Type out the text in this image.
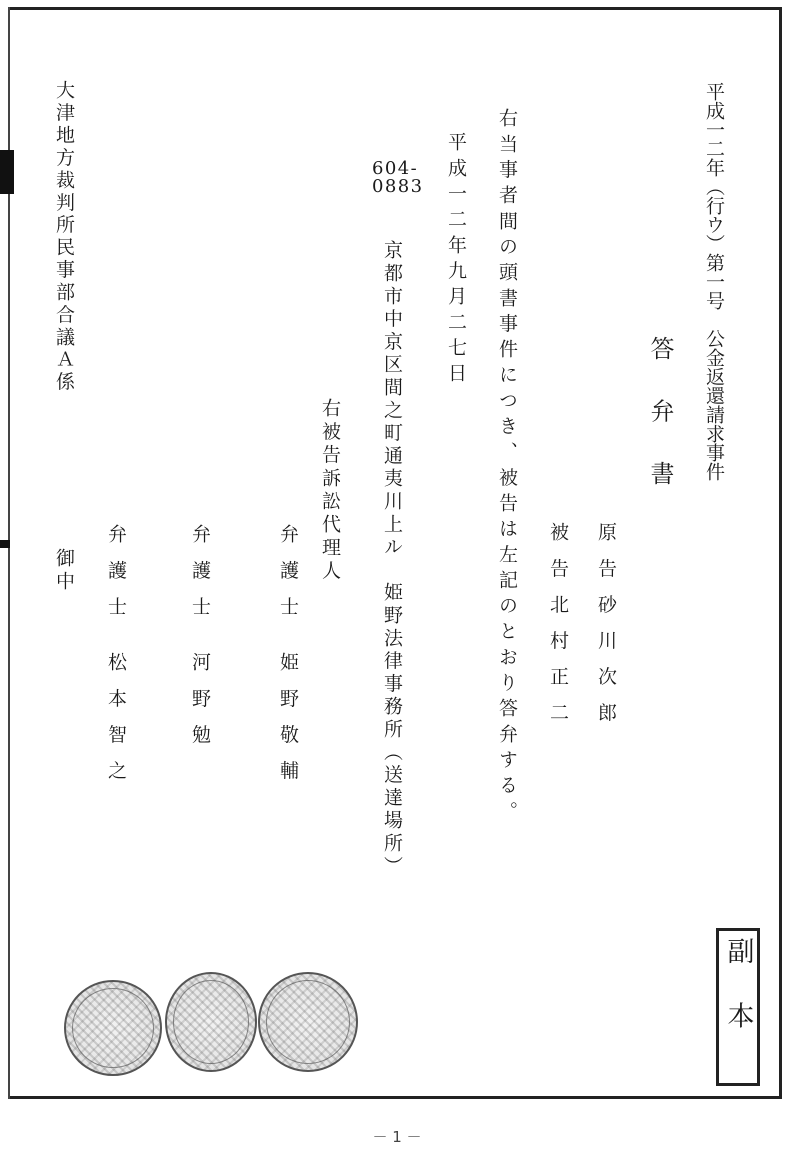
平成一二年（行ウ）第一号　公金返還請求事件
答弁書
原告砂川次郎
被告北村正二
右当事者間の頭書事件につき、被告は左記のとおり答弁する。
平成一二年九月二七日
604-
0883
京都市中京区間之町通夷川上ル　姫野法律事務所（送達場所）
右被告訴訟代理人
弁護士姫野敬輔
弁護士河野勉
弁護士松本智之
大津地方裁判所民事部合議Ａ係
御中
副本
－ 1 －
